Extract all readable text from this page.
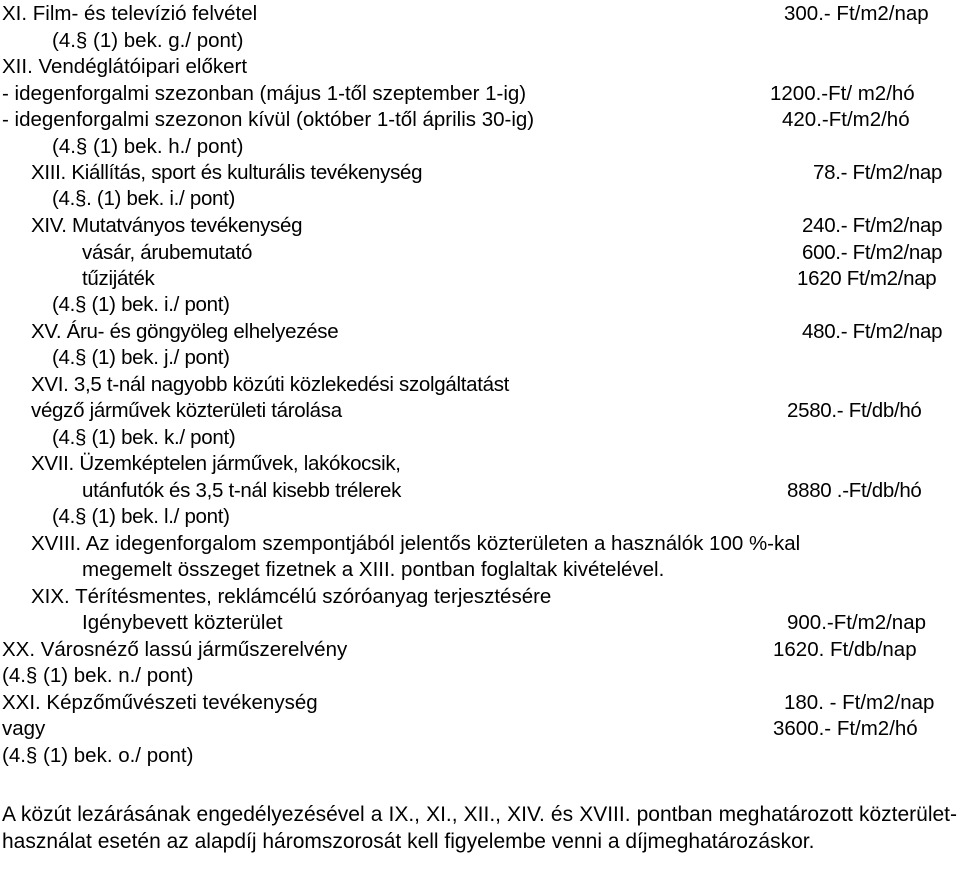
XI. Film- és televízió felvétel	300.- Ft/m2/nap
(4.§ (1) bek. g./ pont)
XII. Vendéglátóipari előkert
- idegenforgalmi szezonban (május 1-től szeptember 1-ig)	1200.-Ft/ m2/hó
- idegenforgalmi szezonon kívül (október 1-től április 30-ig)	420.-Ft/m2/hó
(4.§ (1) bek. h./ pont)
XIII. Kiállítás, sport és kulturális tevékenység	78.- Ft/m2/nap
(4.§. (1) bek. i./ pont)
XIV. Mutatványos tevékenység	240.- Ft/m2/nap
vásár, árubemutató	600.- Ft/m2/nap
tűzijáték	1620 Ft/m2/nap
(4.§ (1) bek. i./ pont)
XV. Áru- és göngyöleg elhelyezése	480.- Ft/m2/nap
(4.§ (1) bek. j./ pont)
XVI. 3,5 t-nál nagyobb közúti közlekedési szolgáltatást
végző járművek közterületi tárolása	2580.- Ft/db/hó
(4.§ (1) bek. k./ pont)
XVII. Üzemképtelen járművek, lakókocsik,
utánfutók és 3,5 t-nál kisebb trélerek	8880 .-Ft/db/hó
(4.§ (1) bek. l./ pont)
XVIII. Az idegenforgalom szempontjából jelentős közterületen a használók 100 %-kal
megemelt összeget fizetnek a XIII. pontban foglaltak kivételével.
XIX. Térítésmentes, reklámcélú szóróanyag terjesztésére
Igénybevett közterület	900.-Ft/m2/nap
XX. Városnéző lassú járműszerelvény	1620. Ft/db/nap
(4.§ (1) bek. n./ pont)
XXI. Képzőművészeti tevékenység	180. - Ft/m2/nap
vagy	3600.- Ft/m2/hó
(4.§ (1) bek. o./ pont)
A közút lezárásának engedélyezésével a IX., XI., XII., XIV. és XVIII. pontban meghatározott közterület-használat esetén az alapdíj háromszorosát kell figyelembe venni a díjmeghatározáskor.
